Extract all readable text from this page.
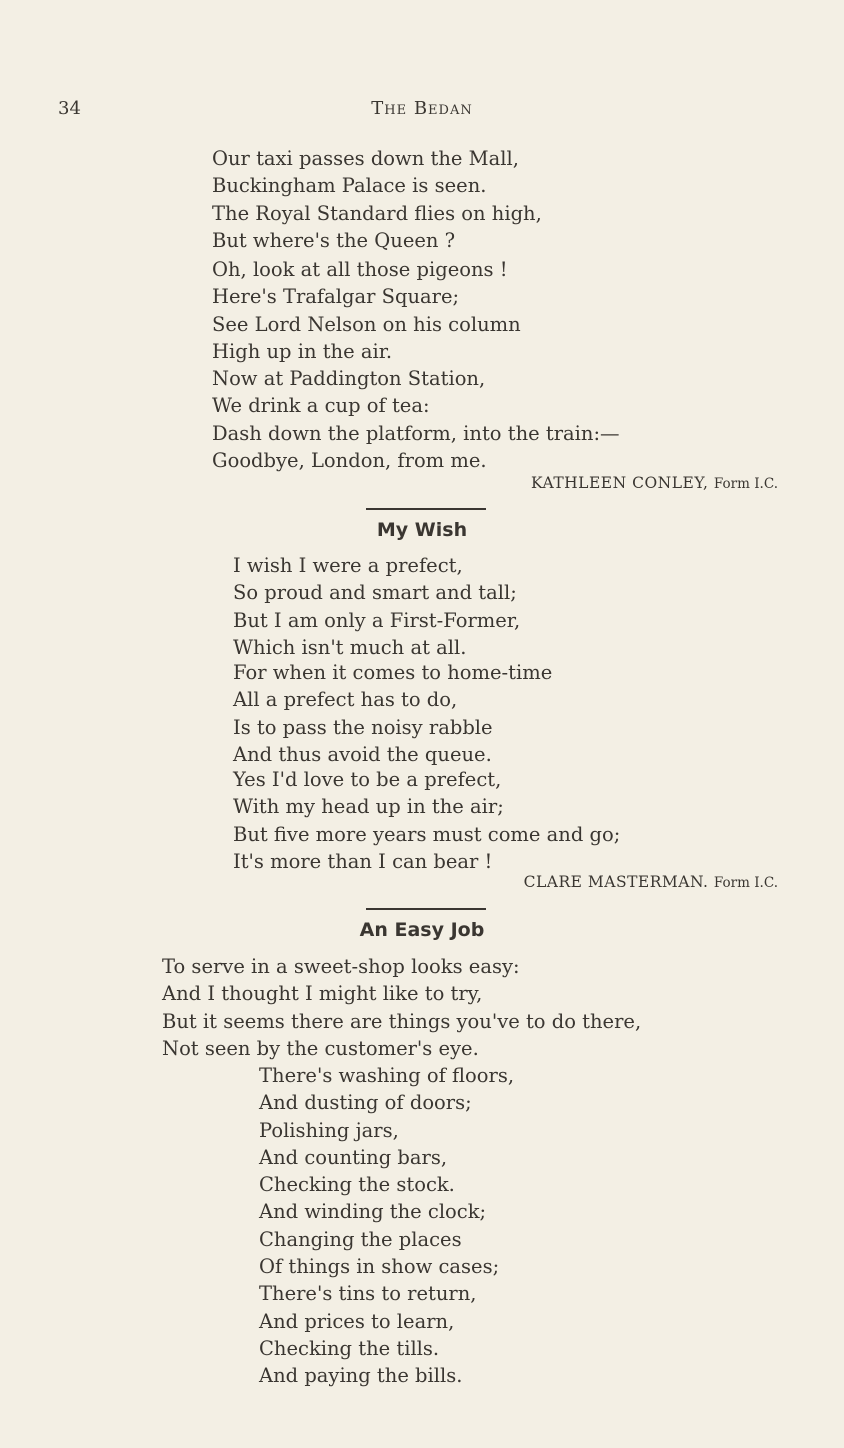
34	The Bedan
Our taxi passes down the Mall,
Buckingham Palace is seen.
The Royal Standard flies on high,
But where's the Queen ?
Oh, look at all those pigeons !
Here's Trafalgar Square;
See Lord Nelson on his column
High up in the air.
Now at Paddington Station,
We drink a cup of tea:
Dash down the platform, into the train:—
Goodbye, London, from me.
KATHLEEN CONLEY, Form I.C.
My Wish
I wish I were a prefect,
So proud and smart and tall;
But I am only a First-Former,
Which isn't much at all.
For when it comes to home-time
All a prefect has to do,
Is to pass the noisy rabble
And thus avoid the queue.
Yes I'd love to be a prefect,
With my head up in the air;
But five more years must come and go;
It's more than I can bear !
CLARE MASTERMAN. Form I.C.
An Easy Job
To serve in a sweet-shop looks easy:
And I thought I might like to try,
But it seems there are things you've to do there,
Not seen by the customer's eye.
There's washing of floors,
And dusting of doors;
Polishing jars,
And counting bars,
Checking the stock.
And winding the clock;
Changing the places
Of things in show cases;
There's tins to return,
And prices to learn,
Checking the tills.
And paying the bills.
